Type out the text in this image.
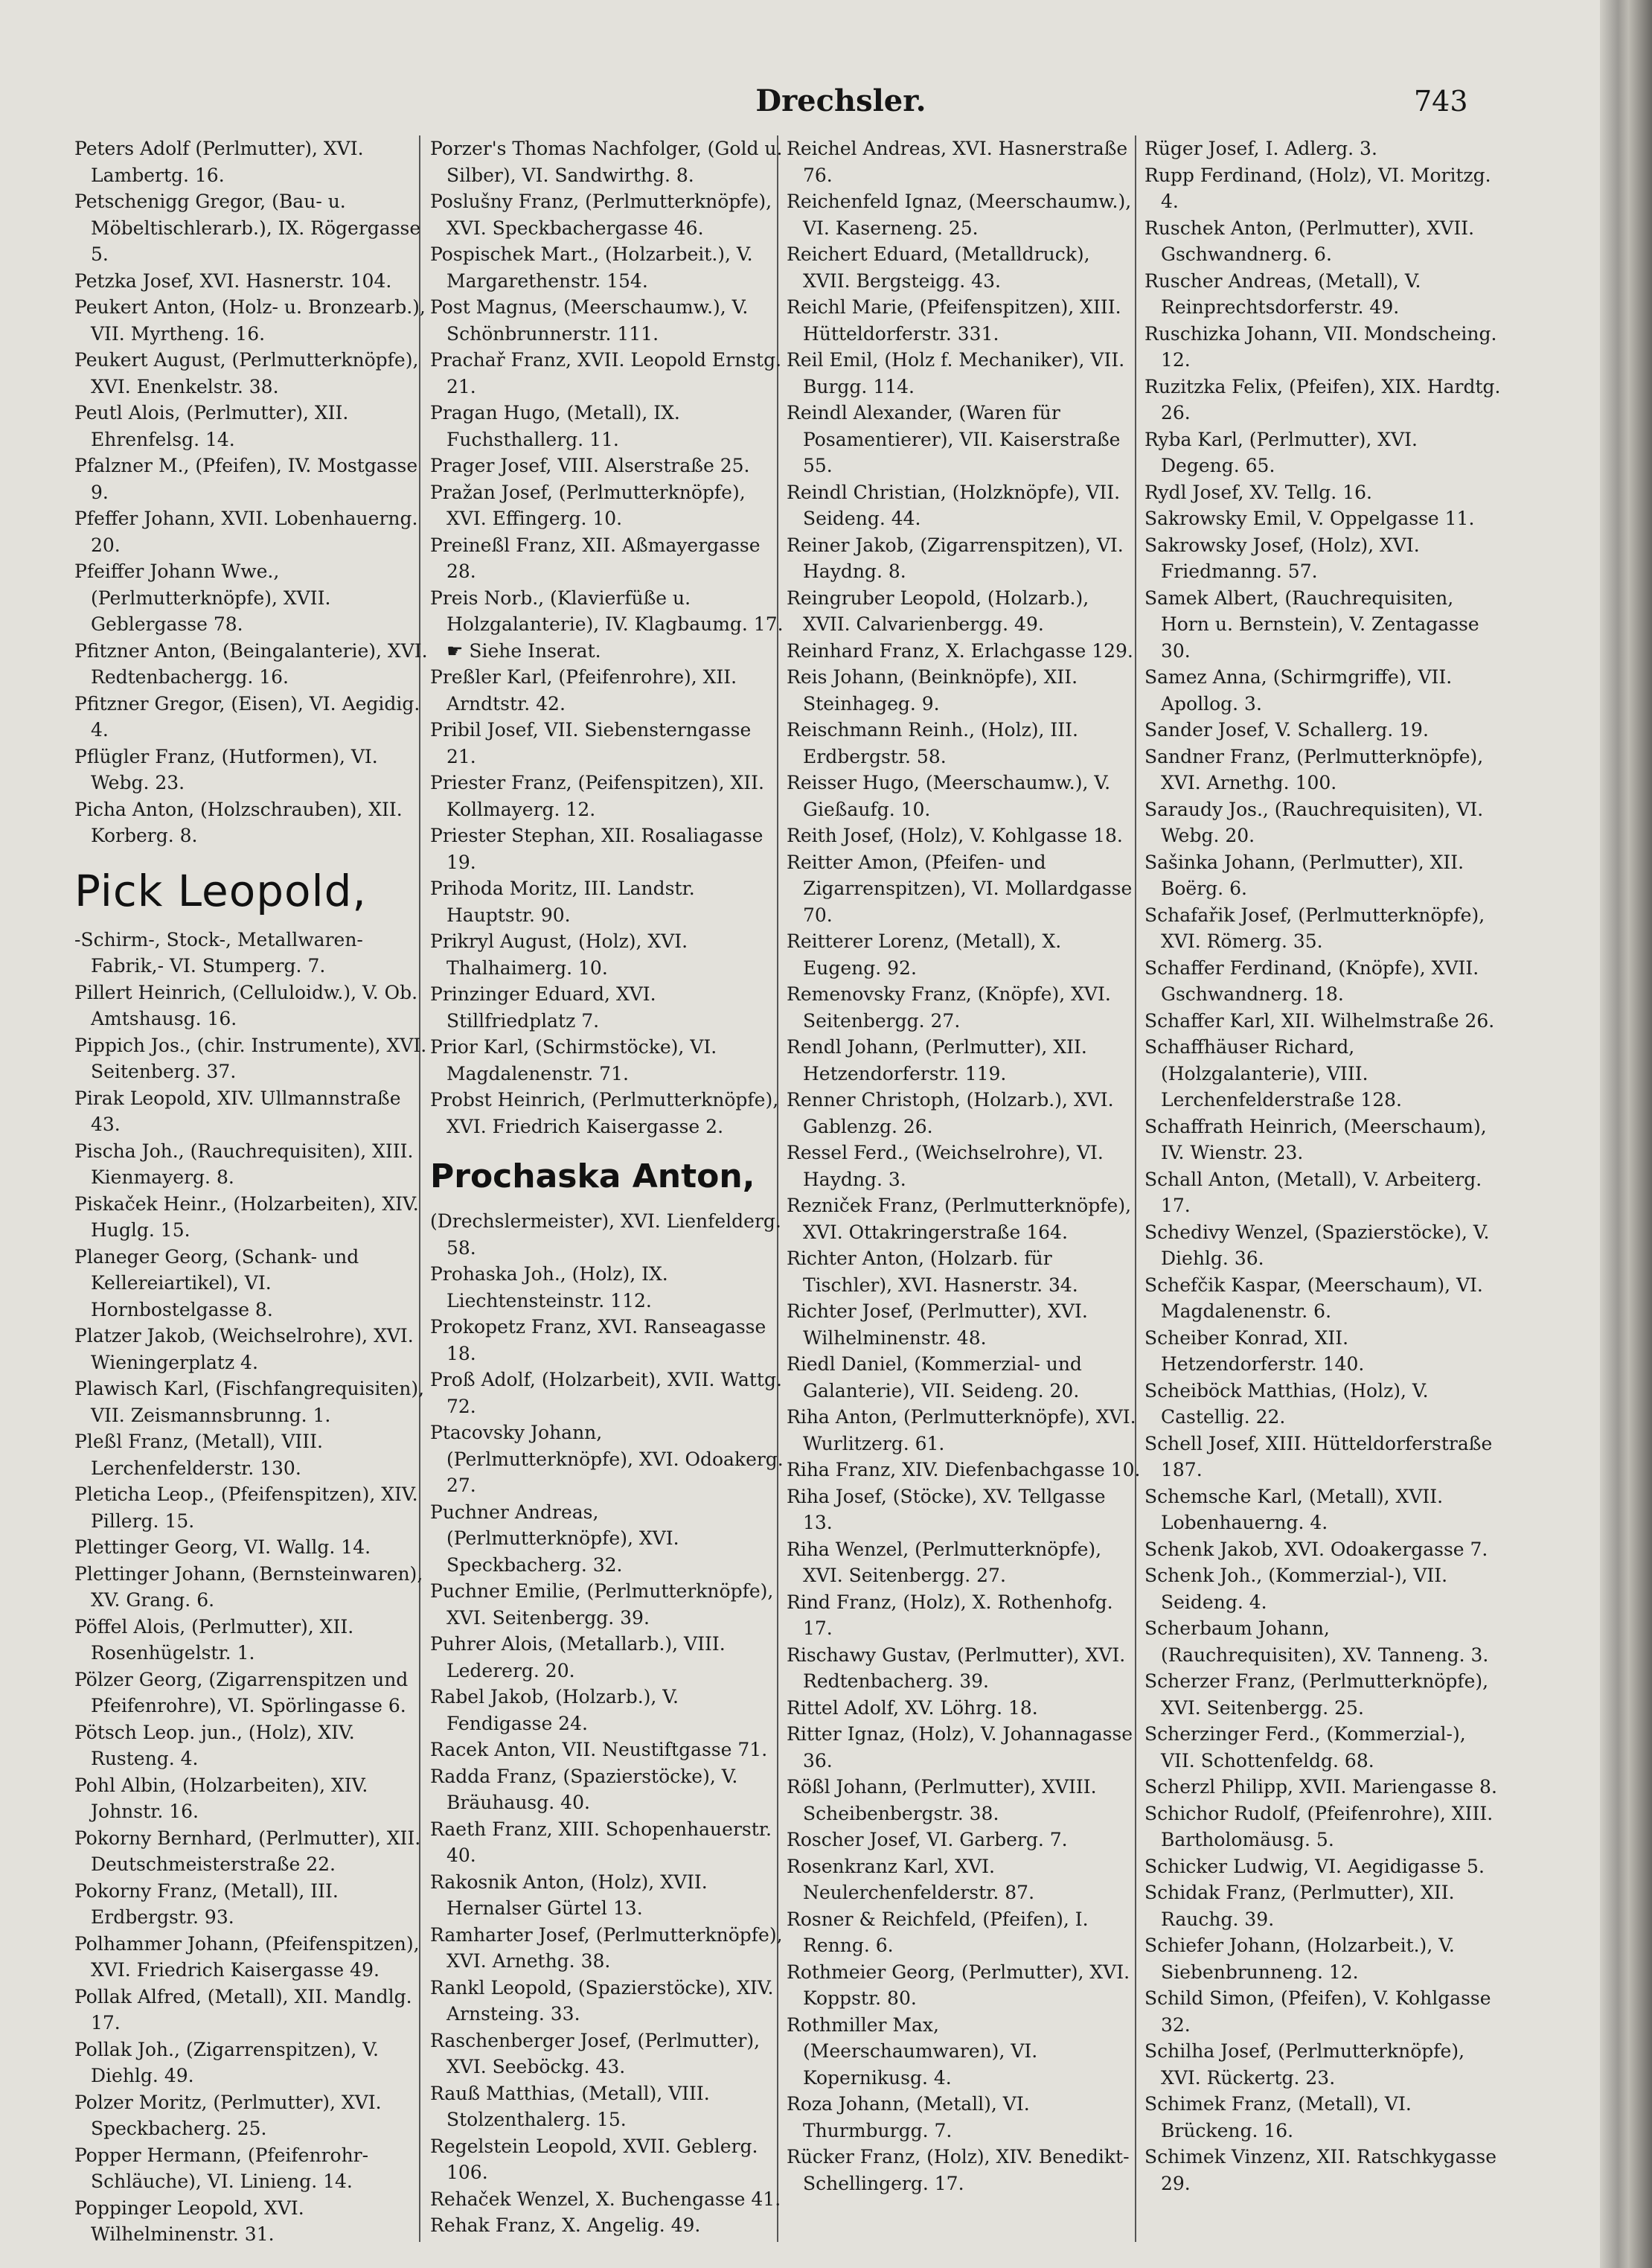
Drechsler.	743

Peters Adolf (Perlmutter), XVI. Lambertg. 16.

Petschenigg Gregor, (Bau- u. Möbeltischlerarb.), IX. Rögergasse 5.

Petzka Josef, XVI. Hasnerstr. 104.

Peukert Anton, (Holz- u. Bronzearb.), VII. Myrtheng. 16.

Peukert August, (Perlmutterknöpfe), XVI. Enenkelstr. 38.

Peutl Alois, (Perlmutter), XII. Ehrenfelsg. 14.

Pfalzner M., (Pfeifen), IV. Mostgasse 9.

Pfeffer Johann, XVII. Lobenhauerng. 20.

Pfeiffer Johann Wwe., (Perlmutterknöpfe), XVII. Geblergasse 78.

Pfitzner Anton, (Beingalanterie), XVI. Redtenbachergg. 16.

Pfitzner Gregor, (Eisen), VI. Aegidig. 4.

Pflügler Franz, (Hutformen), VI. Webg. 23.

Picha Anton, (Holzschrauben), XII. Korberg. 8.

Pick Leopold,

-Schirm-, Stock-, Metallwaren-Fabrik,- VI. Stumperg. 7.

Pillert Heinrich, (Celluloidw.), V. Ob. Amtshausg. 16.

Pippich Jos., (chir. Instrumente), XVI. Seitenberg. 37.

Pirak Leopold, XIV. Ullmannstraße 43.

Pischa Joh., (Rauchrequisiten), XIII. Kienmayerg. 8.

Piskaček Heinr., (Holzarbeiten), XIV. Huglg. 15.

Planeger Georg, (Schank- und Kellereiartikel), VI. Hornbostelgasse 8.

Platzer Jakob, (Weichselrohre), XVI. Wieningerplatz 4.

Plawisch Karl, (Fischfangrequisiten), VII. Zeismannsbrunng. 1.

Pleßl Franz, (Metall), VIII. Lerchenfelderstr. 130.

Pleticha Leop., (Pfeifenspitzen), XIV. Pillerg. 15.

Plettinger Georg, VI. Wallg. 14.

Plettinger Johann, (Bernsteinwaren), XV. Grang. 6.

Pöffel Alois, (Perlmutter), XII. Rosenhügelstr. 1.

Pölzer Georg, (Zigarrenspitzen und Pfeifenrohre), VI. Spörlingasse 6.

Pötsch Leop. jun., (Holz), XIV. Rusteng. 4.

Pohl Albin, (Holzarbeiten), XIV. Johnstr. 16.

Pokorny Bernhard, (Perlmutter), XII. Deutschmeisterstraße 22.

Pokorny Franz, (Metall), III. Erdbergstr. 93.

Polhammer Johann, (Pfeifenspitzen), XVI. Friedrich Kaisergasse 49.

Pollak Alfred, (Metall), XII. Mandlg. 17.

Pollak Joh., (Zigarrenspitzen), V. Diehlg. 49.

Polzer Moritz, (Perlmutter), XVI. Speckbacherg. 25.

Popper Hermann, (Pfeifenrohr-Schläuche), VI. Linieng. 14.

Poppinger Leopold, XVI. Wilhelminenstr. 31.

Porzer's Thomas Nachfolger, (Gold u. Silber), VI. Sandwirthg. 8.

Poslušny Franz, (Perlmutterknöpfe), XVI. Speckbachergasse 46.

Pospischek Mart., (Holzarbeit.), V. Margarethenstr. 154.

Post Magnus, (Meerschaumw.), V. Schönbrunnerstr. 111.

Prachař Franz, XVII. Leopold Ernstg. 21.

Pragan Hugo, (Metall), IX. Fuchsthallerg. 11.

Prager Josef, VIII. Alserstraße 25.

Pražan Josef, (Perlmutterknöpfe), XVI. Effingerg. 10.

Preineßl Franz, XII. Aßmayergasse 28.

Preis Norb., (Klavierfüße u. Holzgalanterie), IV. Klagbaumg. 17. ☛ Siehe Inserat.

Preßler Karl, (Pfeifenrohre), XII. Arndtstr. 42.

Pribil Josef, VII. Siebensterngasse 21.

Priester Franz, (Peifenspitzen), XII. Kollmayerg. 12.

Priester Stephan, XII. Rosaliagasse 19.

Prihoda Moritz, III. Landstr. Hauptstr. 90.

Prikryl August, (Holz), XVI. Thalhaimerg. 10.

Prinzinger Eduard, XVI. Stillfriedplatz 7.

Prior Karl, (Schirmstöcke), VI. Magdalenenstr. 71.

Probst Heinrich, (Perlmutterknöpfe), XVI. Friedrich Kaisergasse 2.

Prochaska Anton,

(Drechslermeister), XVI. Lienfelderg. 58.

Prohaska Joh., (Holz), IX. Liechtensteinstr. 112.

Prokopetz Franz, XVI. Ranseagasse 18.

Proß Adolf, (Holzarbeit), XVII. Wattg. 72.

Ptacovsky Johann, (Perlmutterknöpfe), XVI. Odoakerg. 27.

Puchner Andreas, (Perlmutterknöpfe), XVI. Speckbacherg. 32.

Puchner Emilie, (Perlmutterknöpfe), XVI. Seitenbergg. 39.

Puhrer Alois, (Metallarb.), VIII. Ledererg. 20.

Rabel Jakob, (Holzarb.), V. Fendigasse 24.

Racek Anton, VII. Neustiftgasse 71.

Radda Franz, (Spazierstöcke), V. Bräuhausg. 40.

Raeth Franz, XIII. Schopenhauerstr. 40.

Rakosnik Anton, (Holz), XVII. Hernalser Gürtel 13.

Ramharter Josef, (Perlmutterknöpfe), XVI. Arnethg. 38.

Rankl Leopold, (Spazierstöcke), XIV. Arnsteing. 33.

Raschenberger Josef, (Perlmutter), XVI. Seeböckg. 43.

Rauß Matthias, (Metall), VIII. Stolzenthalerg. 15.

Regelstein Leopold, XVII. Geblerg. 106.

Rehaček Wenzel, X. Buchengasse 41.

Rehak Franz, X. Angelig. 49.

Reichel Andreas, XVI. Hasnerstraße 76.

Reichenfeld Ignaz, (Meerschaumw.), VI. Kaserneng. 25.

Reichert Eduard, (Metalldruck), XVII. Bergsteigg. 43.

Reichl Marie, (Pfeifenspitzen), XIII. Hütteldorferstr. 331.

Reil Emil, (Holz f. Mechaniker), VII. Burgg. 114.

Reindl Alexander, (Waren für Posamentierer), VII. Kaiserstraße 55.

Reindl Christian, (Holzknöpfe), VII. Seideng. 44.

Reiner Jakob, (Zigarrenspitzen), VI. Haydng. 8.

Reingruber Leopold, (Holzarb.), XVII. Calvarienbergg. 49.

Reinhard Franz, X. Erlachgasse 129.

Reis Johann, (Beinknöpfe), XII. Steinhageg. 9.

Reischmann Reinh., (Holz), III. Erdbergstr. 58.

Reisser Hugo, (Meerschaumw.), V. Gießaufg. 10.

Reith Josef, (Holz), V. Kohlgasse 18.

Reitter Amon, (Pfeifen- und Zigarrenspitzen), VI. Mollardgasse 70.

Reitterer Lorenz, (Metall), X. Eugeng. 92.

Remenovsky Franz, (Knöpfe), XVI. Seitenbergg. 27.

Rendl Johann, (Perlmutter), XII. Hetzendorferstr. 119.

Renner Christoph, (Holzarb.), XVI. Gablenzg. 26.

Ressel Ferd., (Weichselrohre), VI. Haydng. 3.

Rezniček Franz, (Perlmutterknöpfe), XVI. Ottakringerstraße 164.

Richter Anton, (Holzarb. für Tischler), XVI. Hasnerstr. 34.

Richter Josef, (Perlmutter), XVI. Wilhelminenstr. 48.

Riedl Daniel, (Kommerzial- und Galanterie), VII. Seideng. 20.

Riha Anton, (Perlmutterknöpfe), XVI. Wurlitzerg. 61.

Riha Franz, XIV. Diefenbachgasse 10.

Riha Josef, (Stöcke), XV. Tellgasse 13.

Riha Wenzel, (Perlmutterknöpfe), XVI. Seitenbergg. 27.

Rind Franz, (Holz), X. Rothenhofg. 17.

Rischawy Gustav, (Perlmutter), XVI. Redtenbacherg. 39.

Rittel Adolf, XV. Löhrg. 18.

Ritter Ignaz, (Holz), V. Johannagasse 36.

Rößl Johann, (Perlmutter), XVIII. Scheibenbergstr. 38.

Roscher Josef, VI. Garberg. 7.

Rosenkranz Karl, XVI. Neulerchenfelderstr. 87.

Rosner & Reichfeld, (Pfeifen), I. Renng. 6.

Rothmeier Georg, (Perlmutter), XVI. Koppstr. 80.

Rothmiller Max, (Meerschaumwaren), VI. Kopernikusg. 4.

Roza Johann, (Metall), VI. Thurmburgg. 7.

Rücker Franz, (Holz), XIV. Benedikt-Schellingerg. 17.

Rüger Josef, I. Adlerg. 3.

Rupp Ferdinand, (Holz), VI. Moritzg. 4.

Ruschek Anton, (Perlmutter), XVII. Gschwandnerg. 6.

Ruscher Andreas, (Metall), V. Reinprechtsdorferstr. 49.

Ruschizka Johann, VII. Mondscheing. 12.

Ruzitzka Felix, (Pfeifen), XIX. Hardtg. 26.

Ryba Karl, (Perlmutter), XVI. Degeng. 65.

Rydl Josef, XV. Tellg. 16.

Sakrowsky Emil, V. Oppelgasse 11.

Sakrowsky Josef, (Holz), XVI. Friedmanng. 57.

Samek Albert, (Rauchrequisiten, Horn u. Bernstein), V. Zentagasse 30.

Samez Anna, (Schirmgriffe), VII. Apollog. 3.

Sander Josef, V. Schallerg. 19.

Sandner Franz, (Perlmutterknöpfe), XVI. Arnethg. 100.

Saraudy Jos., (Rauchrequisiten), VI. Webg. 20.

Sašinka Johann, (Perlmutter), XII. Boërg. 6.

Schafařik Josef, (Perlmutterknöpfe), XVI. Römerg. 35.

Schaffer Ferdinand, (Knöpfe), XVII. Gschwandnerg. 18.

Schaffer Karl, XII. Wilhelmstraße 26.

Schaffhäuser Richard, (Holzgalanterie), VIII. Lerchenfelderstraße 128.

Schaffrath Heinrich, (Meerschaum), IV. Wienstr. 23.

Schall Anton, (Metall), V. Arbeiterg. 17.

Schedivy Wenzel, (Spazierstöcke), V. Diehlg. 36.

Schefčik Kaspar, (Meerschaum), VI. Magdalenenstr. 6.

Scheiber Konrad, XII. Hetzendorferstr. 140.

Scheiböck Matthias, (Holz), V. Castellig. 22.

Schell Josef, XIII. Hütteldorferstraße 187.

Schemsche Karl, (Metall), XVII. Lobenhauerng. 4.

Schenk Jakob, XVI. Odoakergasse 7.

Schenk Joh., (Kommerzial-), VII. Seideng. 4.

Scherbaum Johann, (Rauchrequisiten), XV. Tanneng. 3.

Scherzer Franz, (Perlmutterknöpfe), XVI. Seitenbergg. 25.

Scherzinger Ferd., (Kommerzial-), VII. Schottenfeldg. 68.

Scherzl Philipp, XVII. Mariengasse 8.

Schichor Rudolf, (Pfeifenrohre), XIII. Bartholomäusg. 5.

Schicker Ludwig, VI. Aegidigasse 5.

Schidak Franz, (Perlmutter), XII. Rauchg. 39.

Schiefer Johann, (Holzarbeit.), V. Siebenbrunneng. 12.

Schild Simon, (Pfeifen), V. Kohlgasse 32.

Schilha Josef, (Perlmutterknöpfe), XVI. Rückertg. 23.

Schimek Franz, (Metall), VI. Brückeng. 16.

Schimek Vinzenz, XII. Ratschkygasse 29.
